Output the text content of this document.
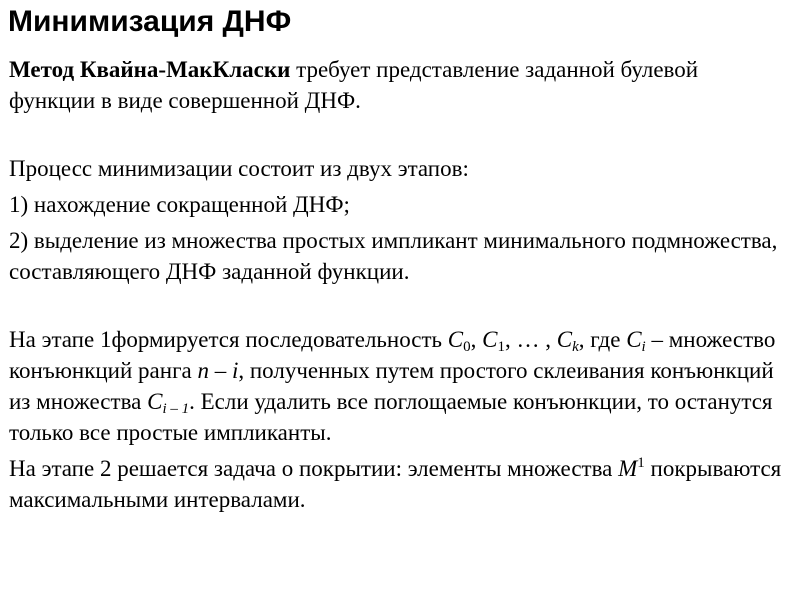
Минимизация ДНФ

Метод Квайна-МакКласки требует представление заданной булевой функции в виде совершенной ДНФ.

Процесс минимизации состоит из двух этапов:

1) нахождение сокращенной ДНФ;

2) выделение из множества простых импликант минимального подмножества, составляющего ДНФ заданной функции.

На этапе 1формируется последовательность $C_0$, $C_1$, … , $C_k$, где $C_i$ – множество конъюнкций ранга n – i, полученных путем простого склеивания конъюнкций из множества $C_{i - 1}$. Если удалить все поглощаемые конъюнкции, то останутся только все простые импликанты.

На этапе 2 решается задача о покрытии: элементы множества $M^1$ покрываются максимальными интервалами.
